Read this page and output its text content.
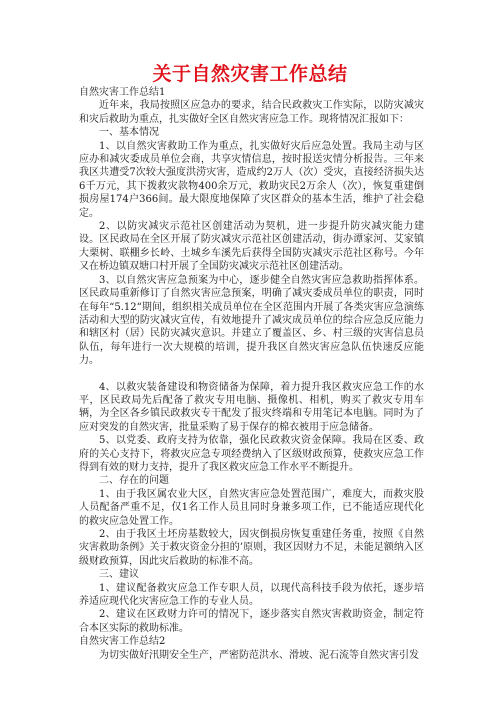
关于自然灾害工作总结

自然灾害工作总结1

近年来，我局按照区应急办的要求，结合民政救灾工作实际，以防灾减灾和灾后救助为重点，扎实做好全区自然灾害应急工作。现将情况汇报如下：

一、基本情况

1、以自然灾害救助工作为重点，扎实做好灾后应急处置。我局主动与区应办和减灾委成员单位会商，共享灾情信息，按时报送灾情分析报告。三年来我区共遭受7次较大强度洪涝灾害，造成约2万人（次）受灾，直接经济损失达6千万元，其下拨救灾款物400余万元，救助灾民2万余人（次），恢复重建倒损房屋174户366间。最大限度地保障了灾区群众的基本生活，维护了社会稳定。

2、以防灾减灾示范社区创建活动为契机，进一步提升防灾减灾能力建设。区民政局在全区开展了防灾减灾示范社区创建活动，街办谭家河、艾家镇大栗树、联棚乡长岭、土城乡车溪先后获得全国防灾减灾示范社区称号。今年又在桥边镇双塘口村开展了全国防灾减灾示范社区创建活动。

3、以自然灾害应急预案为中心，逐步健全自然灾害应急救助指挥体系。区民政局重新修订了自然灾害应急预案，明确了减灾委成员单位的职责，同时在每年“5.12“期间，组织相关成员单位在全区范围内开展了各类灾害应急演练活动和大型的防灾减灾宣传，有效地提升了减灾成员单位的综合应急反应能力和辖区村（居）民防灾减灾意识。并建立了覆盖区、乡、村三级的灾害信息员队伍，每年进行一次大规模的培训，提升我区自然灾害应急队伍快速反应能力。

4、以救灾装备建设和物资储备为保障，着力提升我区救灾应急工作的水平，区民政局先后配备了救灾专用电脑、摄像机、相机，购买了救灾专用车辆，为全区各乡镇民政救灾专干配发了报灾终端和专用笔记本电脑。同时为了应对突发的自然灾害，批量采购了易于保存的棉衣被用于应急储备。

5、以党委、政府支持为依靠，强化民政救灾资金保障。我局在区委、政府的关心支持下，将救灾应急专项经费纳入了区级财政预算，使救灾应急工作得到有效的财力支持，提升了我区救灾应急工作水平不断提升。

二、存在的问题

1、由于我区属农业大区，自然灾害应急处置范围广，难度大，而救灾股人员配备严重不足，仅1名工作人员且同时身兼多项工作，已不能适应现代化的救灾应急处置工作。

2、由于我区土坯房基数较大，因灾倒损房恢复重建任务重，按照《自然灾害救助条例》关于救灾资金分担的’原则，我区因财力不足，未能足额纳入区级财政预算，因此灾后救助的标准不高。

三、建议

1、建议配备救灾应急工作专职人员，以现代高科技手段为依托，逐步培养适应现代化灾害应急工作的专业人员。

2、建议在区政财力许可的情况下，逐步落实自然灾害救助资金，制定符合本区实际的救助标准。

自然灾害工作总结2

为切实做好汛期安全生产，严密防范洪水、滑坡、泥石流等自然灾害引发
